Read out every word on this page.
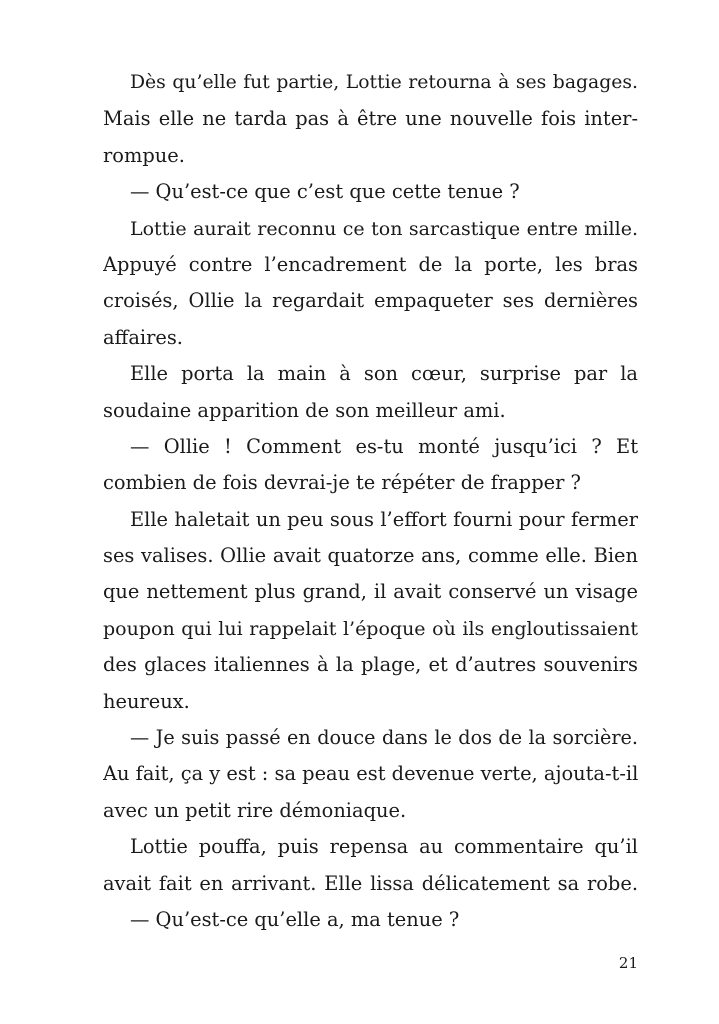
Dès qu’elle fut partie, Lottie retourna à ses bagages.
Mais elle ne tarda pas à être une nouvelle fois inter-
rompue.
— Qu’est-ce que c’est que cette tenue ?
Lottie aurait reconnu ce ton sarcastique entre mille.
Appuyé contre l’encadrement de la porte, les bras
croisés, Ollie la regardait empaqueter ses dernières
affaires.
Elle porta la main à son cœur, surprise par la
soudaine apparition de son meilleur ami.
— Ollie ! Comment es-tu monté jusqu’ici ? Et
combien de fois devrai-je te répéter de frapper ?
Elle haletait un peu sous l’effort fourni pour fermer
ses valises. Ollie avait quatorze ans, comme elle. Bien
que nettement plus grand, il avait conservé un visage
poupon qui lui rappelait l’époque où ils engloutissaient
des glaces italiennes à la plage, et d’autres souvenirs
heureux.
— Je suis passé en douce dans le dos de la sorcière.
Au fait, ça y est : sa peau est devenue verte, ajouta-t-il
avec un petit rire démoniaque.
Lottie pouffa, puis repensa au commentaire qu’il
avait fait en arrivant. Elle lissa délicatement sa robe.
— Qu’est-ce qu’elle a, ma tenue ?
21
